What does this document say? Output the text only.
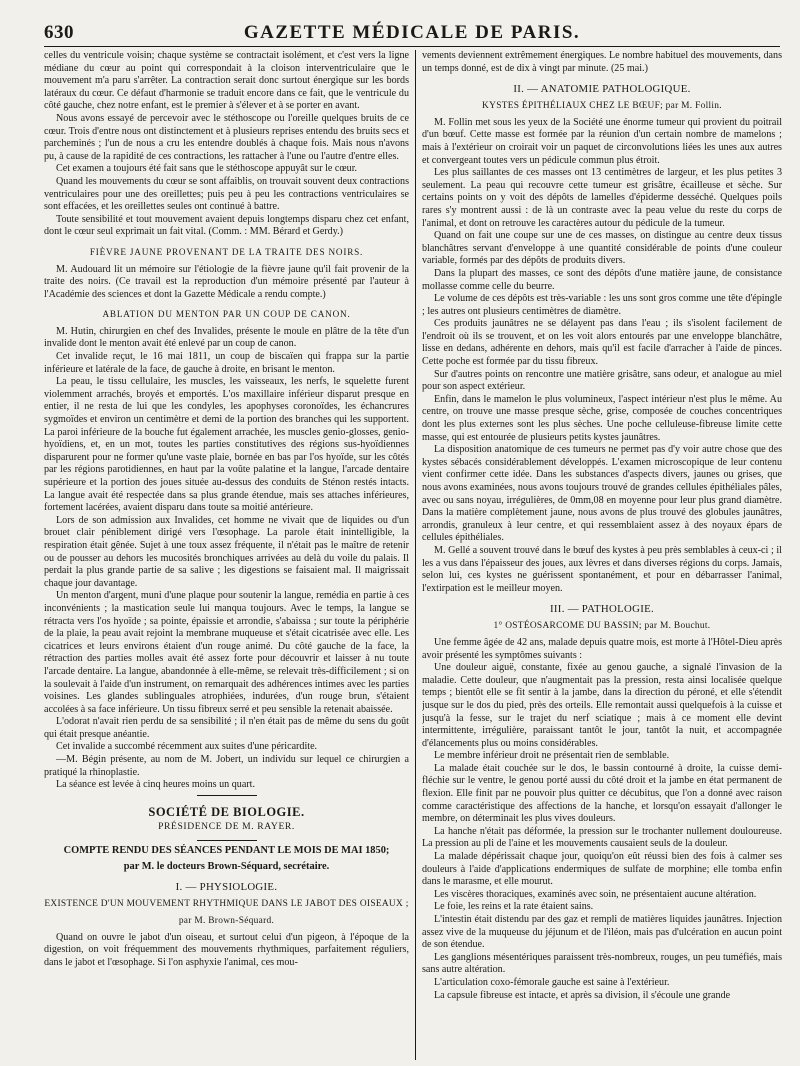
630	GAZETTE MÉDICALE DE PARIS.

celles du ventricule voisin; chaque système se contractait isolément, et c'est vers la ligne médiane du cœur au point qui correspondait à la cloison interventriculaire que le mouvement m'a paru s'arrêter. La contraction serait donc surtout énergique sur les bords latéraux du cœur. Ce défaut d'harmonie se traduit encore dans ce fait, que le ventricule du côté gauche, chez notre enfant, est le premier à s'élever et à se porter en avant.

Nous avons essayé de percevoir avec le stéthoscope ou l'oreille quelques bruits de ce cœur. Trois d'entre nous ont distinctement et à plusieurs reprises entendu des bruits secs et parcheminés ; l'un de nous a cru les entendre doublés à chaque fois. Mais nous n'avons pu, à cause de la rapidité de ces contractions, les rattacher à l'une ou l'autre d'entre elles.

Cet examen a toujours été fait sans que le stéthoscope appuyât sur le cœur.

Quand les mouvements du cœur se sont affaiblis, on trouvait souvent deux contractions ventriculaires pour une des oreillettes; puis peu à peu les contractions ventriculaires se sont effacées, et les oreillettes seules ont continué à battre.

Toute sensibilité et tout mouvement avaient depuis longtemps disparu chez cet enfant, dont le cœur seul exprimait un fait vital. (Comm. : MM. Bérard et Gerdy.)

FIÈVRE JAUNE PROVENANT DE LA TRAITE DES NOIRS.

M. Audouard lit un mémoire sur l'étiologie de la fièvre jaune qu'il fait provenir de la traite des noirs. (Ce travail est la reproduction d'un mémoire présenté par l'auteur à l'Académie des sciences et dont la Gazette Médicale a rendu compte.)

ABLATION DU MENTON PAR UN COUP DE CANON.

M. Hutin, chirurgien en chef des Invalides, présente le moule en plâtre de la tête d'un invalide dont le menton avait été enlevé par un coup de canon.

Cet invalide reçut, le 16 mai 1811, un coup de biscaïen qui frappa sur la partie inférieure et latérale de la face, de gauche à droite, en brisant le menton.

La peau, le tissu cellulaire, les muscles, les vaisseaux, les nerfs, le squelette furent violemment arrachés, broyés et emportés. L'os maxillaire inférieur disparut presque en entier, il ne resta de lui que les condyles, les apophyses coronoïdes, les échancrures sygmoïdes et environ un centimètre et demi de la portion des branches qui les supportent. La paroi inférieure de la bouche fut également arrachée, les muscles genio-glosses, genio-hyoïdiens, et, en un mot, toutes les parties constitutives des régions sus-hyoïdiennes disparurent pour ne former qu'une vaste plaie, bornée en bas par l'os hyoïde, sur les côtés par les régions parotidiennes, en haut par la voûte palatine et la langue, l'arcade dentaire supérieure et la portion des joues située au-dessus des conduits de Sténon restés intacts. La langue avait été respectée dans sa plus grande étendue, mais ses attaches inférieures, fortement lacérées, avaient disparu dans toute sa moitié antérieure.

Lors de son admission aux Invalides, cet homme ne vivait que de liquides ou d'un brouet clair péniblement dirigé vers l'œsophage. La parole était inintelligible, la respiration était gênée. Sujet à une toux assez fréquente, il n'était pas le maître de retenir ou de pousser au dehors les mucosités bronchiques arrivées au delà du voile du palais. Il perdait la plus grande partie de sa salive ; les digestions se faisaient mal. Il maigrissait chaque jour davantage.

Un menton d'argent, muni d'une plaque pour soutenir la langue, remédia en partie à ces inconvénients ; la mastication seule lui manqua toujours. Avec le temps, la langue se rétracta vers l'os hyoïde ; sa pointe, épaissie et arrondie, s'abaissa ; sur toute la périphérie de la plaie, la peau avait rejoint la membrane muqueuse et s'était cicatrisée avec elle. Les cicatrices et leurs environs étaient d'un rouge animé. Du côté gauche de la face, la rétraction des parties molles avait été assez forte pour découvrir et laisser à nu toute l'arcade dentaire. La langue, abandonnée à elle-même, se relevait très-difficilement ; si on la soulevait à l'aide d'un instrument, on remarquait des adhérences intimes avec les parties voisines. Les glandes sublinguales atrophiées, indurées, d'un rouge brun, s'étaient accolées à sa face inférieure. Un tissu fibreux serré et peu sensible la retenait abaissée.

L'odorat n'avait rien perdu de sa sensibilité ; il n'en était pas de même du sens du goût qui était presque anéantie.

Cet invalide a succombé récemment aux suites d'une péricardite.

—M. Bégin présente, au nom de M. Jobert, un individu sur lequel ce chirurgien a pratiqué la rhinoplastie.

La séance est levée à cinq heures moins un quart.

SOCIÉTÉ DE BIOLOGIE.
PRÉSIDENCE DE M. RAYER.
COMPTE RENDU DES SÉANCES PENDANT LE MOIS DE MAI 1850;
par M. le docteurs Brown-Séquard, secrétaire.
I. — PHYSIOLOGIE.
EXISTENCE D'UN MOUVEMENT RHYTHMIQUE DANS LE JABOT DES OISEAUX ;
par M. Brown-Séquard.

Quand on ouvre le jabot d'un oiseau, et surtout celui d'un pigeon, à l'époque de la digestion, on voit fréquemment des mouvements rhythmiques, parfaitement réguliers, dans le jabot et l'œsophage. Si l'on asphyxie l'animal, ces mou-

vements deviennent extrêmement énergiques. Le nombre habituel des mouvements, dans un temps donné, est de dix à vingt par minute. (25 mai.)

II. — ANATOMIE PATHOLOGIQUE.
KYSTES ÉPITHÉLIAUX CHEZ LE BŒUF; par M. Follin.

M. Follin met sous les yeux de la Société une énorme tumeur qui provient du poitrail d'un bœuf. Cette masse est formée par la réunion d'un certain nombre de mamelons ; mais à l'extérieur on croirait voir un paquet de circonvolutions liées les unes aux autres et convergeant toutes vers un pédicule commun plus étroit.

Les plus saillantes de ces masses ont 13 centimètres de largeur, et les plus petites 3 seulement. La peau qui recouvre cette tumeur est grisâtre, écailleuse et sèche. Sur certains points on y voit des dépôts de lamelles d'épiderme desséché. Quelques poils rares s'y montrent aussi : de là un contraste avec la peau velue du reste du corps de l'animal, et dont on retrouve les caractères autour du pédicule de la tumeur.

Quand on fait une coupe sur une de ces masses, on distingue au centre deux tissus blanchâtres servant d'enveloppe à une quantité considérable de points d'une couleur variable, formés par des dépôts de produits divers.

Dans la plupart des masses, ce sont des dépôts d'une matière jaune, de consistance mollasse comme celle du beurre.

Le volume de ces dépôts est très-variable : les uns sont gros comme une tête d'épingle ; les autres ont plusieurs centimètres de diamètre.

Ces produits jaunâtres ne se délayent pas dans l'eau ; ils s'isolent facilement de l'endroit où ils se trouvent, et on les voit alors entourés par une enveloppe blanchâtre, lisse en dedans, adhérente en dehors, mais qu'il est facile d'arracher à l'aide de pinces. Cette poche est formée par du tissu fibreux.

Sur d'autres points on rencontre une matière grisâtre, sans odeur, et analogue au miel pour son aspect extérieur.

Enfin, dans le mamelon le plus volumineux, l'aspect intérieur n'est plus le même. Au centre, on trouve une masse presque sèche, grise, composée de couches concentriques dont les plus externes sont les plus sèches. Une poche celluleuse-fibreuse limite cette masse, qui est entourée de plusieurs petits kystes jaunâtres.

La disposition anatomique de ces tumeurs ne permet pas d'y voir autre chose que des kystes sébacés considérablement développés. L'examen microscopique de leur contenu vient confirmer cette idée. Dans les substances d'aspects divers, jaunes ou grises, que nous avons examinées, nous avons toujours trouvé de grandes cellules épithéliales pâles, avec ou sans noyau, irrégulières, de 0mm,08 en moyenne pour leur plus grand diamètre. Dans la matière complètement jaune, nous avons de plus trouvé des globules jaunâtres, arrondis, granuleux à leur centre, et qui ressemblaient assez à des noyaux épars de cellules épithéliales.

M. Gellé a souvent trouvé dans le bœuf des kystes à peu près semblables à ceux-ci ; il les a vus dans l'épaisseur des joues, aux lèvres et dans diverses régions du corps. Jamais, selon lui, ces kystes ne guérissent spontanément, et pour en débarrasser l'animal, l'extirpation est le meilleur moyen.

III. — PATHOLOGIE.
1° OSTÉOSARCOME DU BASSIN; par M. Bouchut.

Une femme âgée de 42 ans, malade depuis quatre mois, est morte à l'Hôtel-Dieu après avoir présenté les symptômes suivants :

Une douleur aiguë, constante, fixée au genou gauche, a signalé l'invasion de la maladie. Cette douleur, que n'augmentait pas la pression, resta ainsi localisée quelque temps ; bientôt elle se fit sentir à la jambe, dans la direction du péroné, et elle s'étendit jusque sur le dos du pied, près des orteils. Elle remontait aussi quelquefois à la cuisse et jusqu'à la fesse, sur le trajet du nerf sciatique ; mais à ce moment elle devint intermittente, irrégulière, paraissant tantôt le jour, tantôt la nuit, et accompagnée d'élancements plus ou moins considérables.

Le membre inférieur droit ne présentait rien de semblable.

La malade était couchée sur le dos, le bassin contourné à droite, la cuisse demi-fléchie sur le ventre, le genou porté aussi du côté droit et la jambe en état permanent de flexion. Elle finit par ne pouvoir plus quitter ce décubitus, que l'on a donné avec raison comme caractéristique des affections de la hanche, et lorsqu'on essayait d'allonger le membre, on déterminait les plus vives douleurs.

La hanche n'était pas déformée, la pression sur le trochanter nullement douloureuse. La pression au pli de l'aine et les mouvements causaient seuls de la douleur.

La malade dépérissait chaque jour, quoiqu'on eût réussi bien des fois à calmer ses douleurs à l'aide d'applications endermiques de sulfate de morphine; elle tomba enfin dans le marasme, et elle mourut.

Les viscères thoraciques, examinés avec soin, ne présentaient aucune altération.

Le foie, les reins et la rate étaient sains.

L'intestin était distendu par des gaz et rempli de matières liquides jaunâtres. Injection assez vive de la muqueuse du jéjunum et de l'iléon, mais pas d'ulcération en aucun point de son étendue.

Les ganglions mésentériques paraissent très-nombreux, rouges, un peu tuméfiés, mais sans autre altération.

L'articulation coxo-fémorale gauche est saine à l'extérieur.

La capsule fibreuse est intacte, et après sa division, il s'écoule une grande
